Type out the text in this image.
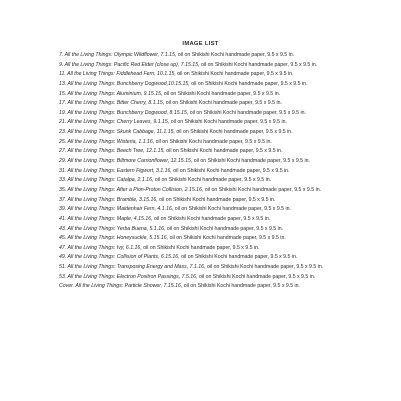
IMAGE LIST
7. All the Living Things: Olympic Wildflower, 7.1.15, oil on Shikishi Kochi handmade paper, 9.5 x 9.5 in.
9. All the Living Things: Pacific Red Elder (close up), 7.15.15, oil on Shikishi Kochi handmade paper, 9.5 x 9.5 in.
11. All the Living Things: Fiddlehead Fern, 10.1.15, oil on Shikishi Kochi handmade paper, 9.5 x 9.5 in.
13. All the Living Things: Bunchberry Dogwood,10.15.15, oil on Shikishi Kochi handmade paper, 9.5 x 9.5 in.
15. All the Living Things: Aluminium, 9.15.15, oil on Shikishi Kochi handmade paper, 9.5 x 9.5 in.
17. All the Living Things: Bitter Cherry, 8.1.15, oil on Shikishi Kochi handmade paper, 9.5 x 9.5 in.
19. All the Living Things: Bunchberry Dogwood, 8.15.15, oil on Shikishi Kochi handmade paper, 9.5 x 9.5 in.
21. All the Living Things: Cherry Leaves, 9.1.15, oil on Shikishi Kochi handmade paper, 9.5 x 9.5 in.
23. All the Living Things: Skunk Cabbage, 11.1.15, oil on Shikishi Kochi handmade paper, 9.5 x 9.5 in.
25. All the Living Things: Wisteria, 1.1.16, oil on Shikishi Kochi handmade paper, 9.5 x 9.5 in.
27. All the Living Things: Beech Tree, 12.1.15, oil on Shikishi Kochi handmade paper, 9.5 x 9.5 in.
29. All the Living Things: Biltmore Carrionflower, 12.15.15, oil on Shikishi Kochi handmade paper, 9.5 x 9.5 in.
31. All the Living Things: Eastern Figwort, 3.1.16, oil on Shikishi Kochi handmade paper, 9.5 x 9.5 in.
33. All the Living Things: Catalpa, 2.1.16, oil on Shikishi Kochi handmade paper, 9.5 x 9.5 in.
35. All the Living Things: After a Pion-Proton Collision, 2.15.16, oil on Shikishi Kochi handmade paper, 9.5 x 9.5 in.
37. All the Living Things: Bramble, 3.15.16, oil on Shikishi Kochi handmade paper, 9.5 x 9.5 in.
39. All the Living Things: Maidenhair Fern, 4.1.16, oil on Shikishi Kochi handmade paper, 9.5 x 9.5 in.
41. All the Living Things: Maple, 4.15.16, oil on Shikishi Kochi handmade paper, 9.5 x 9.5 in.
43. All the Living Things: Yerba Buena, 5.1.16, oil on Shikishi Kochi handmade paper, 9.5 x 9.5 in.
45. All the Living Things: Honeysuckle, 5.15.16, oil on Shikishi Kochi handmade paper, 9.5 x 9.5 in.
47. All the Living Things: Ivy, 6.1.16, oil on Shikishi Kochi handmade paper, 9.5 x 9.5 in.
49. All the Living Things: Collision of Plants, 6.15.16, oil on Shikishi Kochi handmade paper, 9.5 x 9.5 in.
51. All the Living Things: Transposing Energy and Mass, 7.1.16, oil on Shikishi Kochi handmade paper, 9.5 x 9.5 in.
53. All the Living Things: Electron Positron Passings, 7.5.16, oil on Shikishi Kochi handmade paper, 9.5 x 9.5 in.
Cover. All the Living Things: Particle Shower, 7.15.16, oil on Shikishi Kochi handmade paper, 9.5 x 9.5 in.
